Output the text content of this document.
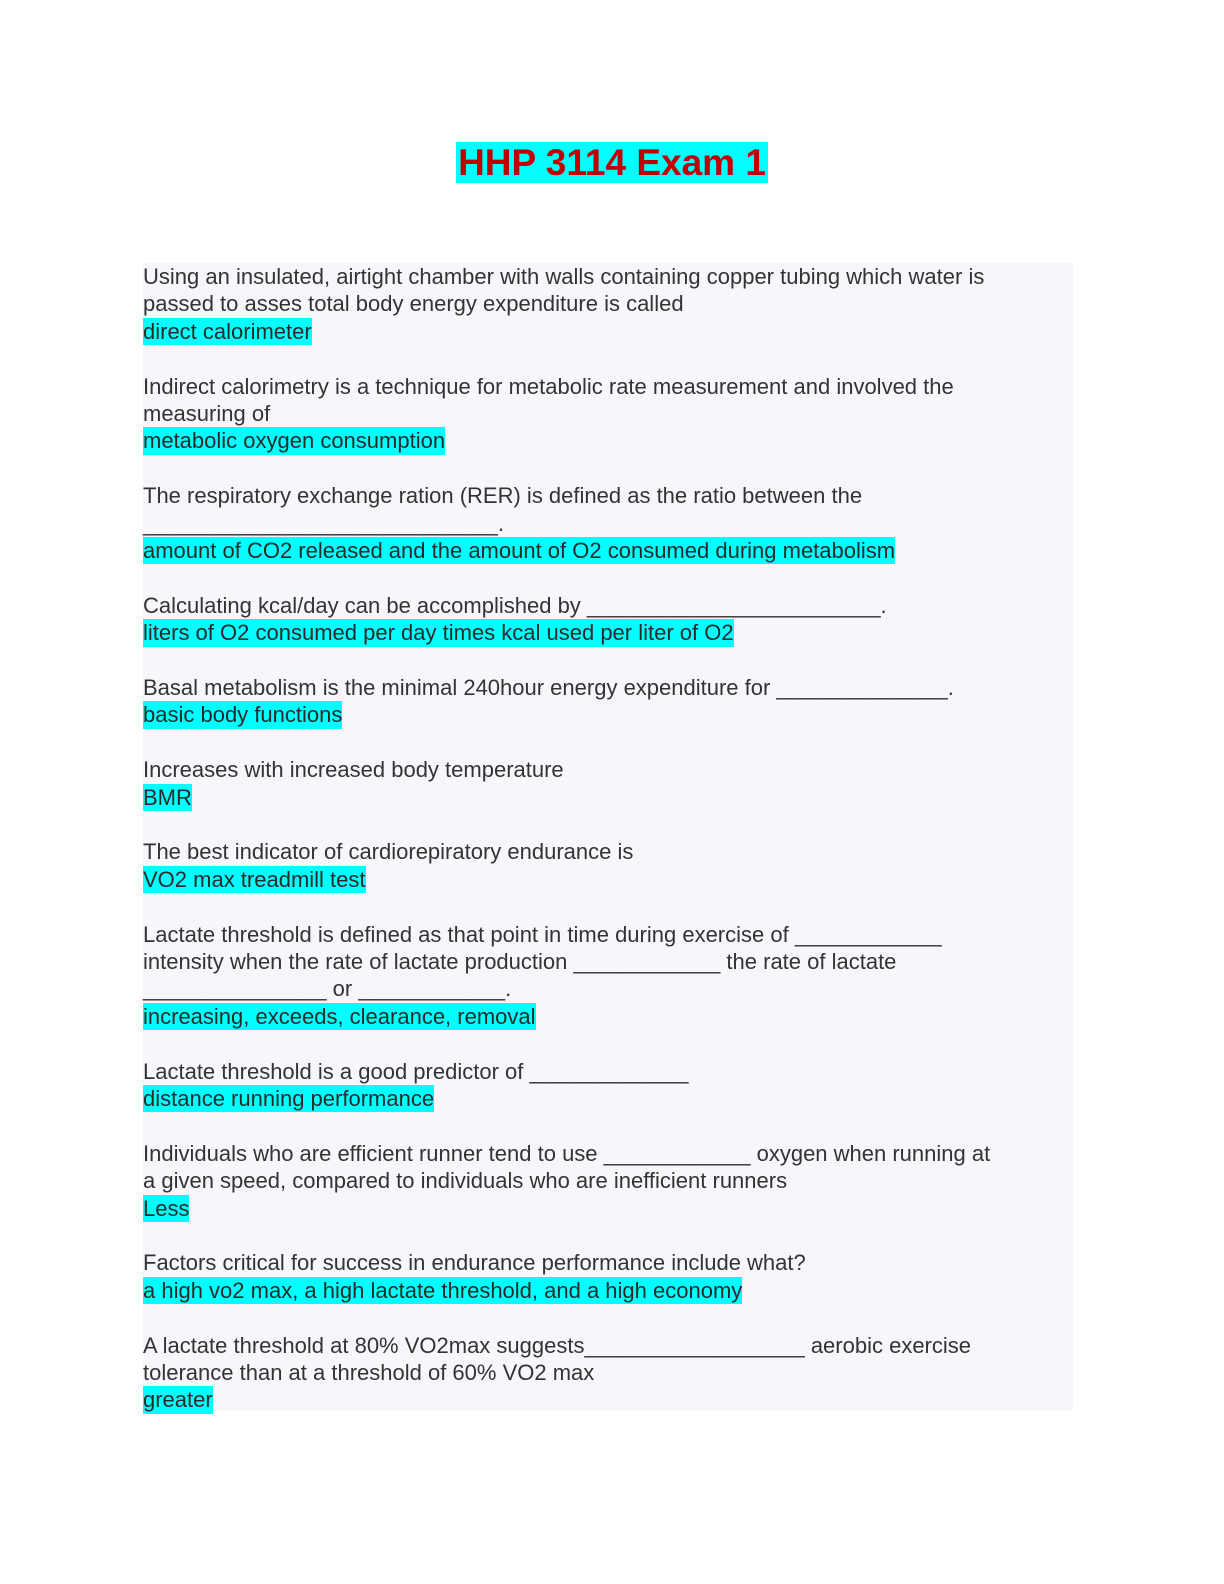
HHP 3114 Exam 1
Using an insulated, airtight chamber with walls containing copper tubing which water is
passed to asses total body energy expenditure is called
direct calorimeter
Indirect calorimetry is a technique for metabolic rate measurement and involved the
measuring of
metabolic oxygen consumption
The respiratory exchange ration (RER) is defined as the ratio between the
_____________________________.
amount of CO2 released and the amount of O2 consumed during metabolism
Calculating kcal/day can be accomplished by ________________________.
liters of O2 consumed per day times kcal used per liter of O2
Basal metabolism is the minimal 240hour energy expenditure for ______________.
basic body functions
Increases with increased body temperature
BMR
The best indicator of cardiorepiratory endurance is
VO2 max treadmill test
Lactate threshold is defined as that point in time during exercise of ____________
intensity when the rate of lactate production ____________ the rate of lactate
_______________ or ____________.
increasing, exceeds, clearance, removal
Lactate threshold is a good predictor of _____________
distance running performance
Individuals who are efficient runner tend to use ____________ oxygen when running at
a given speed, compared to individuals who are inefficient runners
Less
Factors critical for success in endurance performance include what?
a high vo2 max, a high lactate threshold, and a high economy
A lactate threshold at 80% VO2max suggests__________________ aerobic exercise
tolerance than at a threshold of 60% VO2 max
greater
